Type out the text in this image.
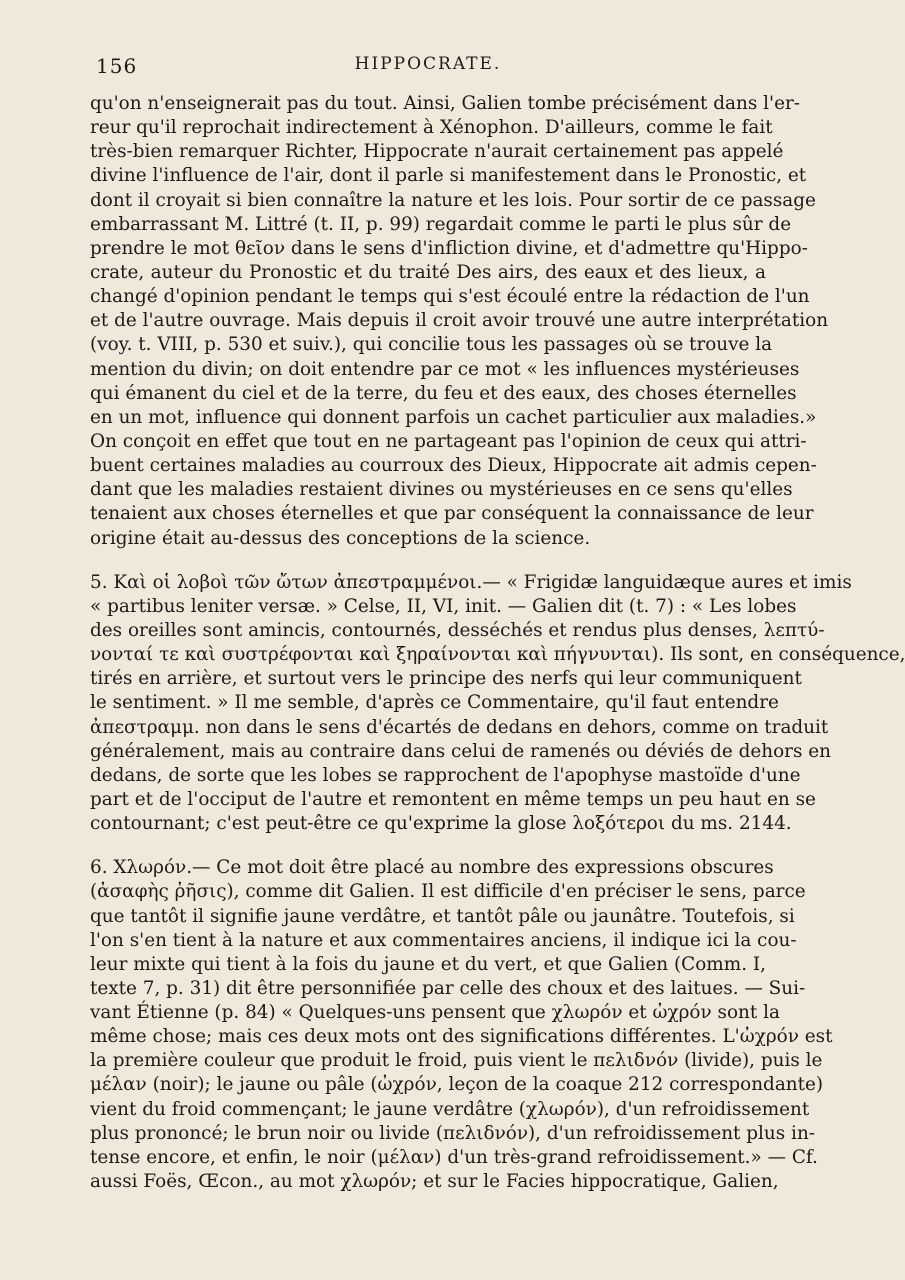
156	HIPPOCRATE.
qu'on n'enseignerait pas du tout. Ainsi, Galien tombe précisément dans l'er-
reur qu'il reprochait indirectement à Xénophon. D'ailleurs, comme le fait
très-bien remarquer Richter, Hippocrate n'aurait certainement pas appelé
divine l'influence de l'air, dont il parle si manifestement dans le Pronostic, et
dont il croyait si bien connaître la nature et les lois. Pour sortir de ce passage
embarrassant M. Littré (t. II, p. 99) regardait comme le parti le plus sûr de
prendre le mot θεῖον dans le sens d'infliction divine, et d'admettre qu'Hippo-
crate, auteur du Pronostic et du traité Des airs, des eaux et des lieux, a
changé d'opinion pendant le temps qui s'est écoulé entre la rédaction de l'un
et de l'autre ouvrage. Mais depuis il croit avoir trouvé une autre interprétation
(voy. t. VIII, p. 530 et suiv.), qui concilie tous les passages où se trouve la
mention du divin; on doit entendre par ce mot « les influences mystérieuses
qui émanent du ciel et de la terre, du feu et des eaux, des choses éternelles
en un mot, influence qui donnent parfois un cachet particulier aux maladies.»
On conçoit en effet que tout en ne partageant pas l'opinion de ceux qui attri-
buent certaines maladies au courroux des Dieux, Hippocrate ait admis cepen-
dant que les maladies restaient divines ou mystérieuses en ce sens qu'elles
tenaient aux choses éternelles et que par conséquent la connaissance de leur
origine était au-dessus des conceptions de la science.
5. Καὶ οἱ λοβοὶ τῶν ὤτων ἀπεστραμμένοι.— « Frigidæ languidæque aures et imis
« partibus leniter versæ. » Celse, II, VI, init. — Galien dit (t. 7) : « Les lobes
des oreilles sont amincis, contournés, desséchés et rendus plus denses, λεπτύ-
νονταί τε καὶ συστρέφονται καὶ ξηραίνονται καὶ πήγνυνται). Ils sont, en conséquence,
tirés en arrière, et surtout vers le principe des nerfs qui leur communiquent
le sentiment. » Il me semble, d'après ce Commentaire, qu'il faut entendre
ἀπεστραμμ. non dans le sens d'écartés de dedans en dehors, comme on traduit
généralement, mais au contraire dans celui de ramenés ou déviés de dehors en
dedans, de sorte que les lobes se rapprochent de l'apophyse mastoïde d'une
part et de l'occiput de l'autre et remontent en même temps un peu haut en se
contournant; c'est peut-être ce qu'exprime la glose λοξότεροι du ms. 2144.
6. Χλωρόν.— Ce mot doit être placé au nombre des expressions obscures
(ἀσαφὴς ῥῆσις), comme dit Galien. Il est difficile d'en préciser le sens, parce
que tantôt il signifie jaune verdâtre, et tantôt pâle ou jaunâtre. Toutefois, si
l'on s'en tient à la nature et aux commentaires anciens, il indique ici la cou-
leur mixte qui tient à la fois du jaune et du vert, et que Galien (Comm. I,
texte 7, p. 31) dit être personnifiée par celle des choux et des laitues. — Sui-
vant Étienne (p. 84) « Quelques-uns pensent que χλωρόν et ὠχρόν sont la
même chose; mais ces deux mots ont des significations différentes. L'ὠχρόν est
la première couleur que produit le froid, puis vient le πελιδνόν (livide), puis le
μέλαν (noir); le jaune ou pâle (ὠχρόν, leçon de la coaque 212 correspondante)
vient du froid commençant; le jaune verdâtre (χλωρόν), d'un refroidissement
plus prononcé; le brun noir ou livide (πελιδνόν), d'un refroidissement plus in-
tense encore, et enfin, le noir (μέλαν) d'un très-grand refroidissement.» — Cf.
aussi Foës, Œcon., au mot χλωρόν; et sur le Facies hippocratique, Galien,
